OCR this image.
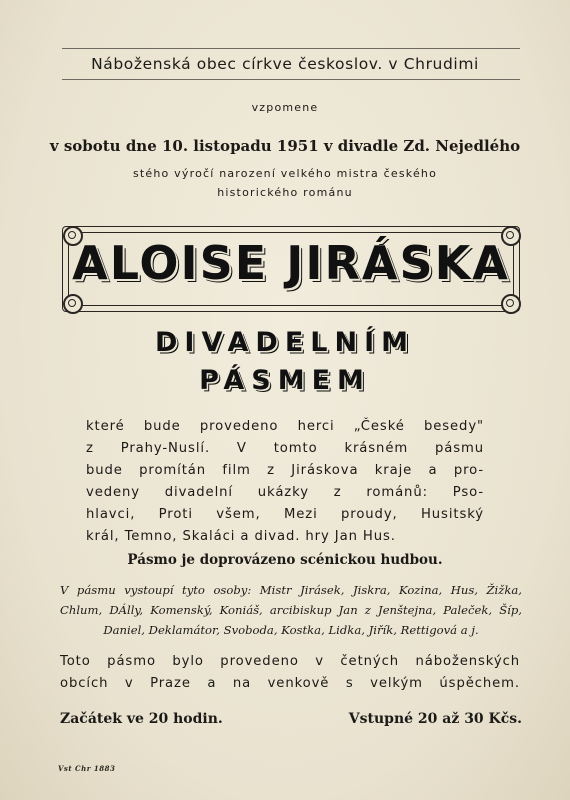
Náboženská obec církve českoslov. v Chrudimi
vzpomene
v sobotu dne 10. listopadu 1951 v divadle Zd. Nejedlého
stého výročí narození velkého mistra českého
historického románu
ALOISE JIRÁSKA
DIVADELNÍM
PÁSMEM
které bude provedeno herci „České besedy"
z Prahy-Nuslí. V tomto krásném pásmu
bude promítán film z Jiráskova kraje a pro-
vedeny divadelní ukázky z románů: Pso-
hlavci, Proti všem, Mezi proudy, Husitský
král, Temno, Skaláci a divad. hry Jan Hus.
Pásmo je doprovázeno scénickou hudbou.
V pásmu vystoupí tyto osoby: Mistr Jirásek, Jiskra, Kozina, Hus, Žižka,
Chlum, DÁlly, Komenský, Koniáš, arcibiskup Jan z Jenštejna, Paleček, Šíp,
Daniel, Deklamátor, Svoboda, Kostka, Lidka, Jiřík, Rettigová a j.
Toto pásmo bylo provedeno v četných náboženských
obcích v Praze a na venkově s velkým úspěchem.
Začátek ve 20 hodin.	Vstupné 20 až 30 Kčs.
Vst Chr 1883
